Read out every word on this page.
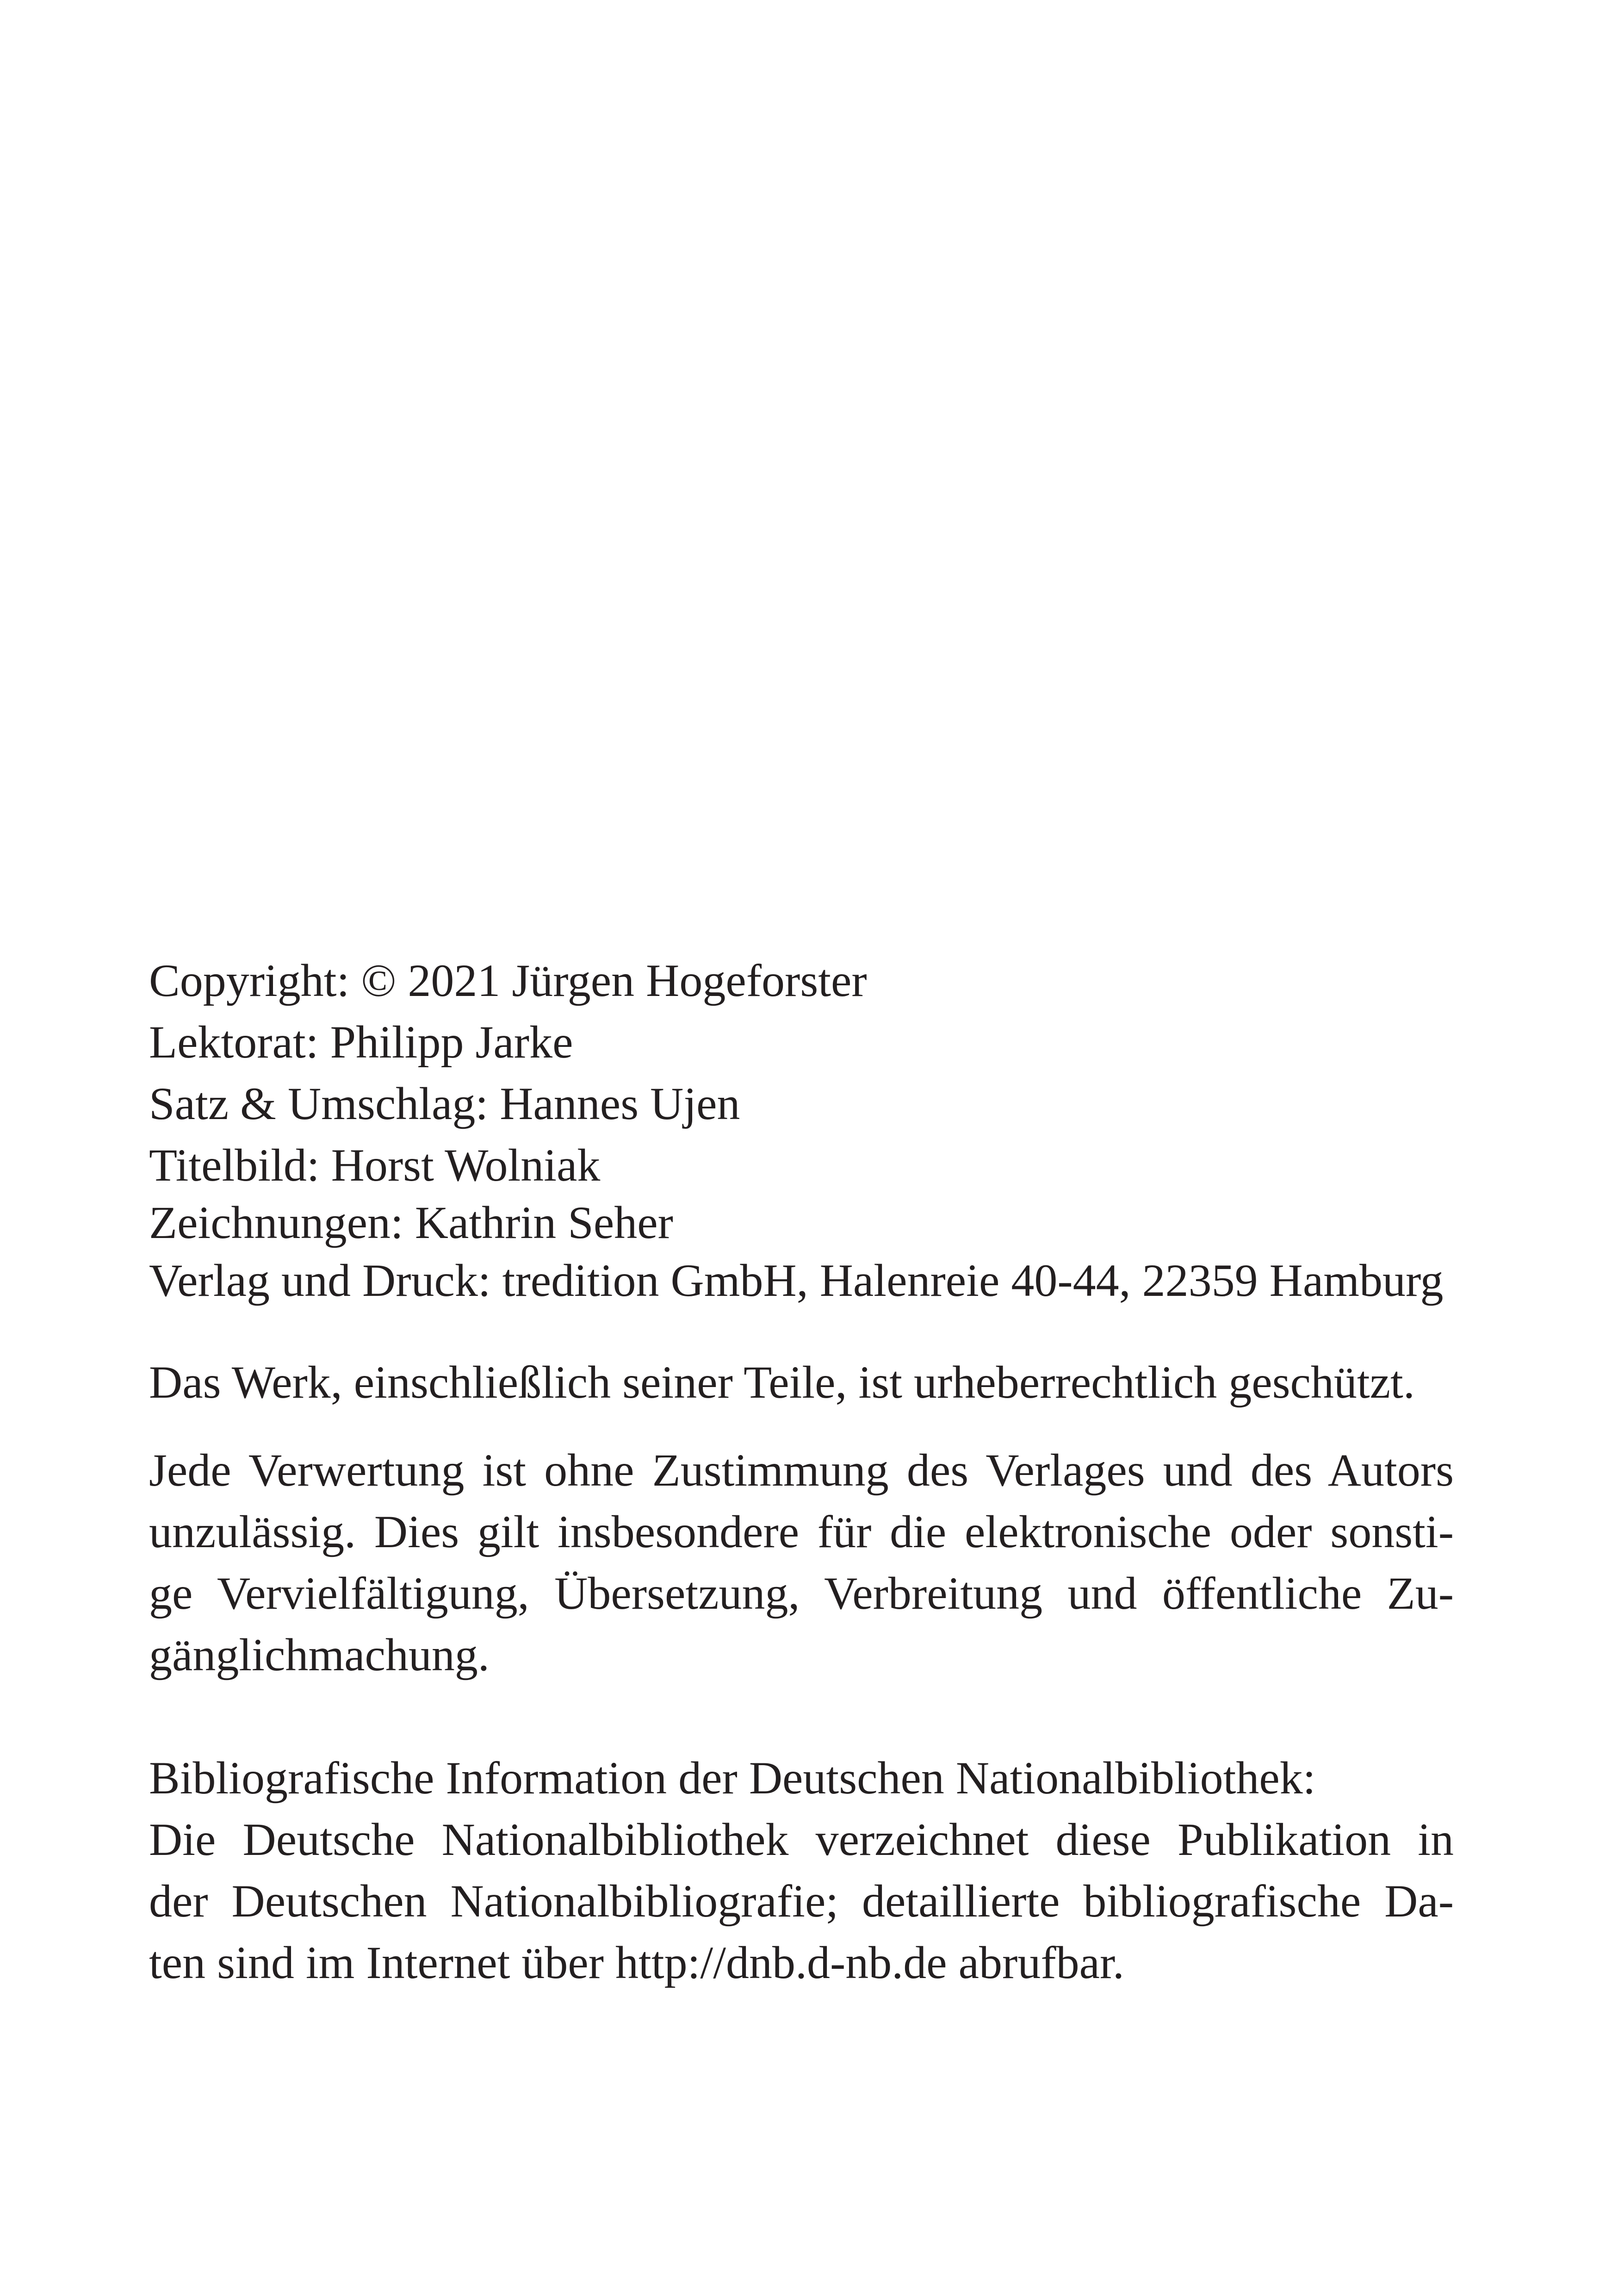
Copyright: © 2021 Jürgen Hogeforster
Lektorat: Philipp Jarke
Satz & Umschlag: Hannes Ujen
Titelbild: Horst Wolniak
Zeichnungen: Kathrin Seher
Verlag und Druck: tredition GmbH, Halenreie 40-44, 22359 Hamburg
Das Werk, einschließlich seiner Teile, ist urheberrechtlich geschützt.
Jede Verwertung ist ohne Zustimmung des Verlages und des Autors
unzulässig. Dies gilt insbesondere für die elektronische oder sonsti-
ge Vervielfältigung, Übersetzung, Verbreitung und öffentliche Zu-
gänglichmachung.
Bibliografische Information der Deutschen Nationalbibliothek:
Die Deutsche Nationalbibliothek verzeichnet diese Publikation in
der Deutschen Nationalbibliografie; detaillierte bibliografische Da-
ten sind im Internet über http://dnb.d-nb.de abrufbar.
